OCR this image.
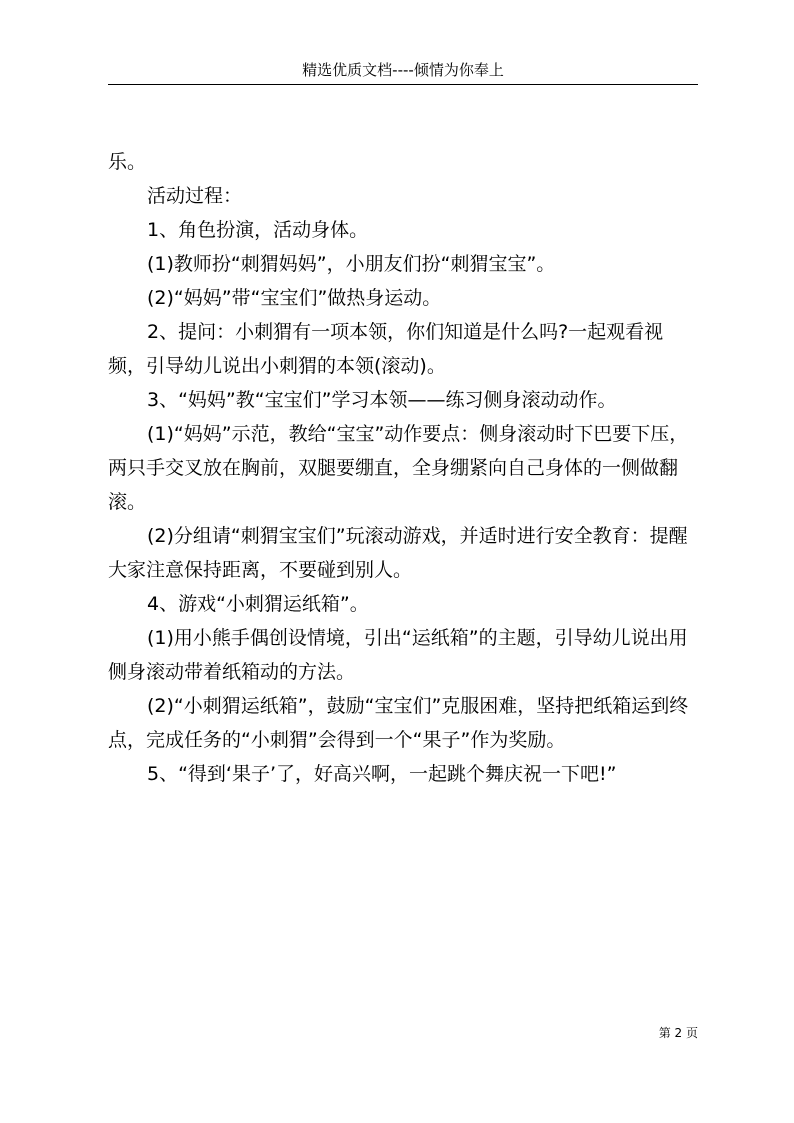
精选优质文档----倾情为你奉上

乐。

活动过程：

1、角色扮演，活动身体。

(1)教师扮“刺猬妈妈”，小朋友们扮“刺猬宝宝”。

(2)“妈妈”带“宝宝们”做热身运动。

2、提问：小刺猬有一项本领，你们知道是什么吗?一起观看视频，引导幼儿说出小刺猬的本领(滚动)。

3、“妈妈”教“宝宝们”学习本领——练习侧身滚动动作。

(1)“妈妈”示范，教给“宝宝”动作要点：侧身滚动时下巴要下压，两只手交叉放在胸前，双腿要绷直，全身绷紧向自己身体的一侧做翻滚。

(2)分组请“刺猬宝宝们”玩滚动游戏，并适时进行安全教育：提醒大家注意保持距离，不要碰到别人。

4、游戏“小刺猬运纸箱”。

(1)用小熊手偶创设情境，引出“运纸箱”的主题，引导幼儿说出用侧身滚动带着纸箱动的方法。

(2)“小刺猬运纸箱”，鼓励“宝宝们”克服困难，坚持把纸箱运到终点，完成任务的“小刺猬”会得到一个“果子”作为奖励。

5、“得到‘果子’了，好高兴啊，一起跳个舞庆祝一下吧!”

第 2 页
